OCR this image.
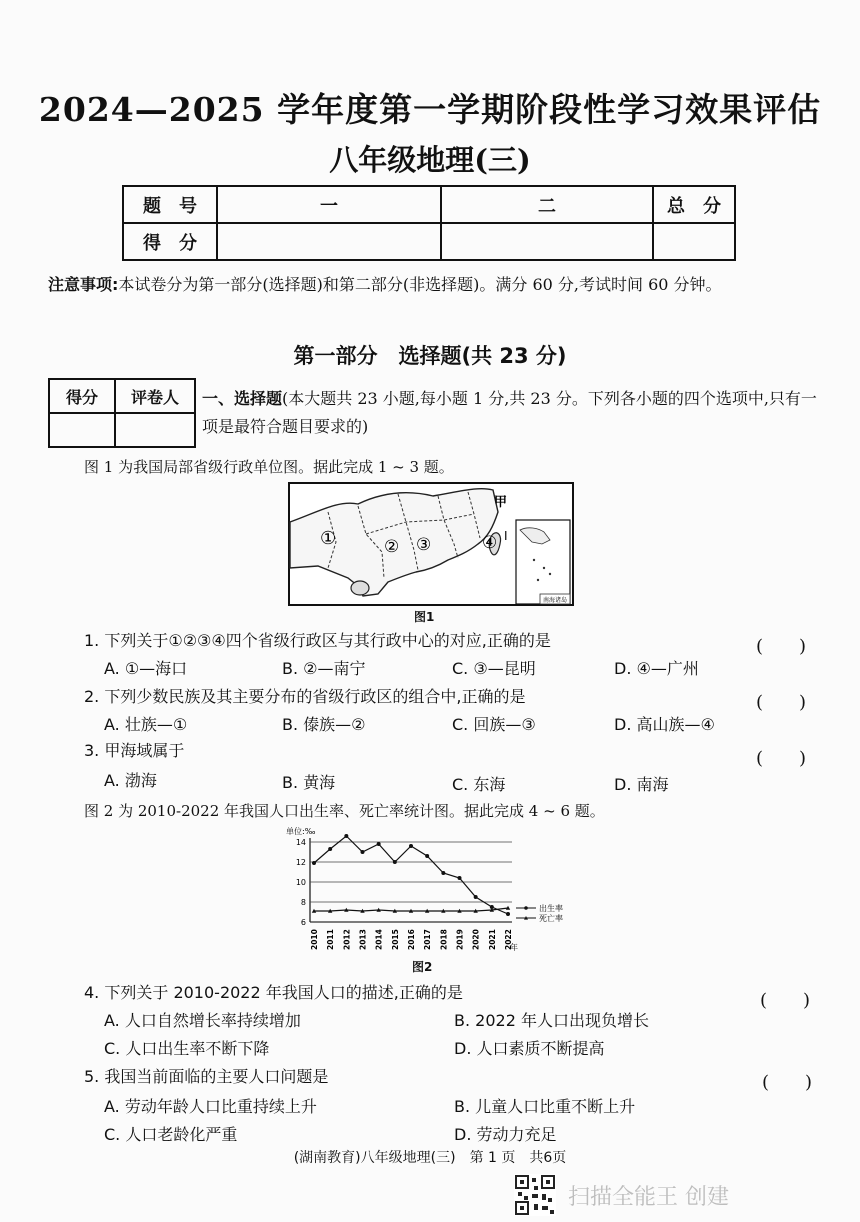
2024—2025 学年度第一学期阶段性学习效果评估
八年级地理(三)
题　号	一	二	总　分
得　分			
注意事项:本试卷分为第一部分(选择题)和第二部分(非选择题)。满分 60 分,考试时间 60 分钟。
第一部分　选择题(共 23 分)
得分	评卷人
	一、选择题(本大题共 23 小题,每小题 1 分,共 23 分。下列各小题的四个选项中,只有一项是最符合题目要求的)
图 1 为我国局部省级行政单位图。据此完成 1 ~ 3 题。
南海诸岛
①	② ③	④
甲
I
图1
1. 下列关于①②③④四个省级行政区与其行政中心的对应,正确的是	(　　)
A. ①—海口	B. ②—南宁	C. ③—昆明	D. ④—广州
2. 下列少数民族及其主要分布的省级行政区的组合中,正确的是	(　　)
A. 壮族—①	B. 傣族—②	C. 回族—③	D. 高山族—④
3. 甲海域属于	(　　)
A. 渤海	B. 黄海	C. 东海	D. 南海
图 2 为 2010-2022 年我国人口出生率、死亡率统计图。据此完成 4 ~ 6 题。
单位:‰
6
8
10
12
14
2010 2011 2012 2013 2014 2015 2016 2017 2018 2019 2020 2021 2022
出生率
死亡率
年
图2
4. 下列关于 2010-2022 年我国人口的描述,正确的是	(　　)
A. 人口自然增长率持续增加	B. 2022 年人口出现负增长
C. 人口出生率不断下降	D. 人口素质不断提高
5. 我国当前面临的主要人口问题是	(　　)
A. 劳动年龄人口比重持续上升	B. 儿童人口比重不断上升
C. 人口老龄化严重	D. 劳动力充足
(湖南教育)八年级地理(三)　第 1 页　共6页
扫描全能王 创建
